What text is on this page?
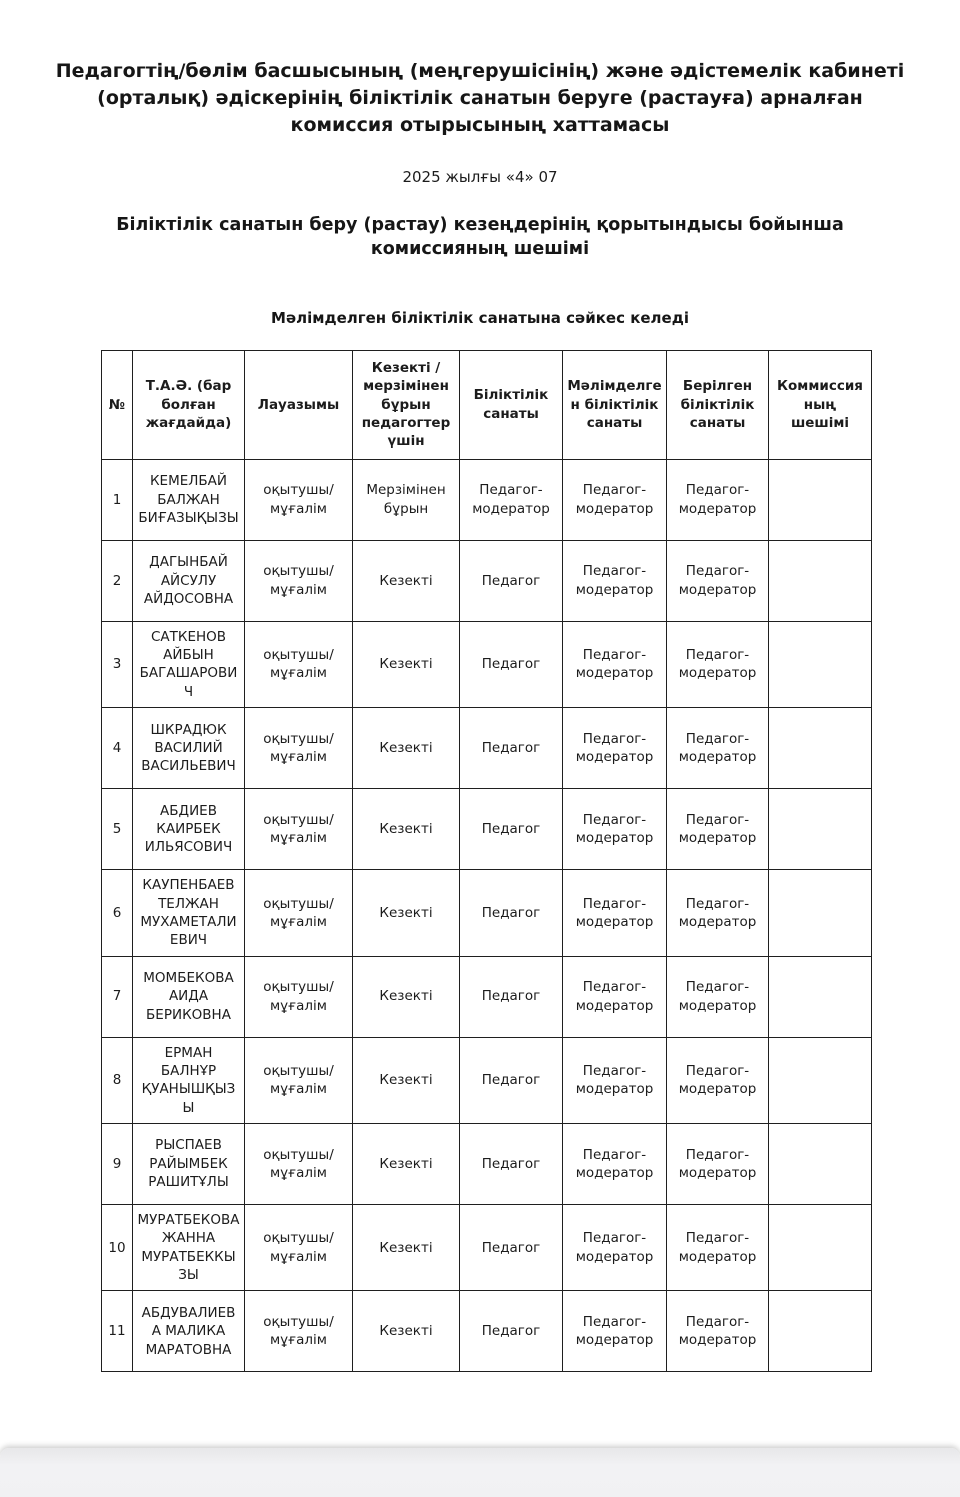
Педагогтің/бөлім басшысының (меңгерушісінің) және әдістемелік кабинеті (орталық) әдіскерінің біліктілік санатын беруге (растауға) арналған комиссия отырысының хаттамасы
2025 жылғы «4» 07
Біліктілік санатын беру (растау) кезеңдерінің қорытындысы бойынша комиссияның шешімі
Мәлімделген біліктілік санатына сәйкес келеді
№	Т.А.Ә. (бар болған жағдайда)	Лауазымы	Кезекті / мерзімінен бұрын педагогтер үшін	Біліктілік санаты	Мәлімделген біліктілік санаты	Берілген біліктілік санаты	Коммиссияның шешімі
1	КЕМЕЛБАЙ БАЛЖАН БИҒАЗЫҚЫЗЫ	оқытушы/мұғалім	Мерзімінен бұрын	Педагог-модератор	Педагог-модератор	Педагог-модератор	
2	ДАГЫНБАЙ АЙСУЛУ АЙДОСОВНА	оқытушы/мұғалім	Кезекті	Педагог	Педагог-модератор	Педагог-модератор	
3	САТКЕНОВ АЙБЫН БАГАШАРОВИЧ	оқытушы/мұғалім	Кезекті	Педагог	Педагог-модератор	Педагог-модератор	
4	ШКРАДЮК ВАСИЛИЙ ВАСИЛЬЕВИЧ	оқытушы/мұғалім	Кезекті	Педагог	Педагог-модератор	Педагог-модератор	
5	АБДИЕВ КАИРБЕК ИЛЬЯСОВИЧ	оқытушы/мұғалім	Кезекті	Педагог	Педагог-модератор	Педагог-модератор	
6	КАУПЕНБАЕВ ТЕЛЖАН МУХАМЕТАЛИЕВИЧ	оқытушы/мұғалім	Кезекті	Педагог	Педагог-модератор	Педагог-модератор	
7	МОМБЕКОВА АИДА БЕРИКОВНА	оқытушы/мұғалім	Кезекті	Педагог	Педагог-модератор	Педагог-модератор	
8	ЕРМАН БАЛНҰР ҚУАНЫШҚЫЗЫ	оқытушы/мұғалім	Кезекті	Педагог	Педагог-модератор	Педагог-модератор	
9	РЫСПАЕВ РАЙЫМБЕК РАШИТҰЛЫ	оқытушы/мұғалім	Кезекті	Педагог	Педагог-модератор	Педагог-модератор	
10	МУРАТБЕКОВА ЖАННА МУРАТБЕККЫЗЫ	оқытушы/мұғалім	Кезекті	Педагог	Педагог-модератор	Педагог-модератор	
11	АБДУВАЛИЕВА МАЛИКА МАРАТОВНА	оқытушы/мұғалім	Кезекті	Педагог	Педагог-модератор	Педагог-модератор	
